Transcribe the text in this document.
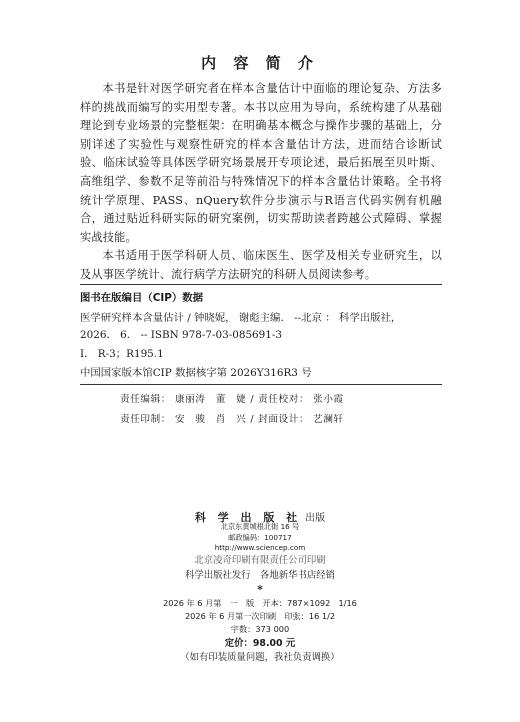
内 容 简 介

本书是针对医学研究者在样本含量估计中面临的理论复杂、方法多样的挑战而编写的实用型专著。本书以应用为导向，系统构建了从基础理论到专业场景的完整框架：在明确基本概念与操作步骤的基础上，分别详述了实验性与观察性研究的样本含量估计方法，进而结合诊断试验、临床试验等具体医学研究场景展开专项论述，最后拓展至贝叶斯、高维组学、参数不足等前沿与特殊情况下的样本含量估计策略。全书将统计学原理、PASS、nQuery软件分步演示与R语言代码实例有机融合，通过贴近科研实际的研究案例，切实帮助读者跨越公式障碍、掌握实战技能。

本书适用于医学科研人员、临床医生、医学及相关专业研究生，以及从事医学统计、流行病学方法研究的科研人员阅读参考。

图书在版编目（CIP）数据
医学研究样本含量估计 / 钟晓妮， 谢彪主编． --北京 ： 科学出版社，
2026． 6． -- ISBN 978-7-03-085691-3
Ⅰ． R-3；R195.1
中国国家版本馆CIP 数据核字第 2026Y316R3 号
责任编辑： 康丽涛　董　婕 / 责任校对： 张小霞
责任印制： 安　骏　肖　兴 / 封面设计： 艺澜轩
科 学 出 版 社 出版
北京东黄城根北街 16 号
邮政编码：100717
http://www.sciencep.com
北京凌奇印刷有限责任公司印刷
科学出版社发行　各地新华书店经销
*
2026 年 6 月第　一　版　开本：787×1092　1/16
2026 年 6 月第一次印刷　印张：16 1/2
字数：373 000
定价：98.00 元
（如有印装质量问题，我社负责调换）
